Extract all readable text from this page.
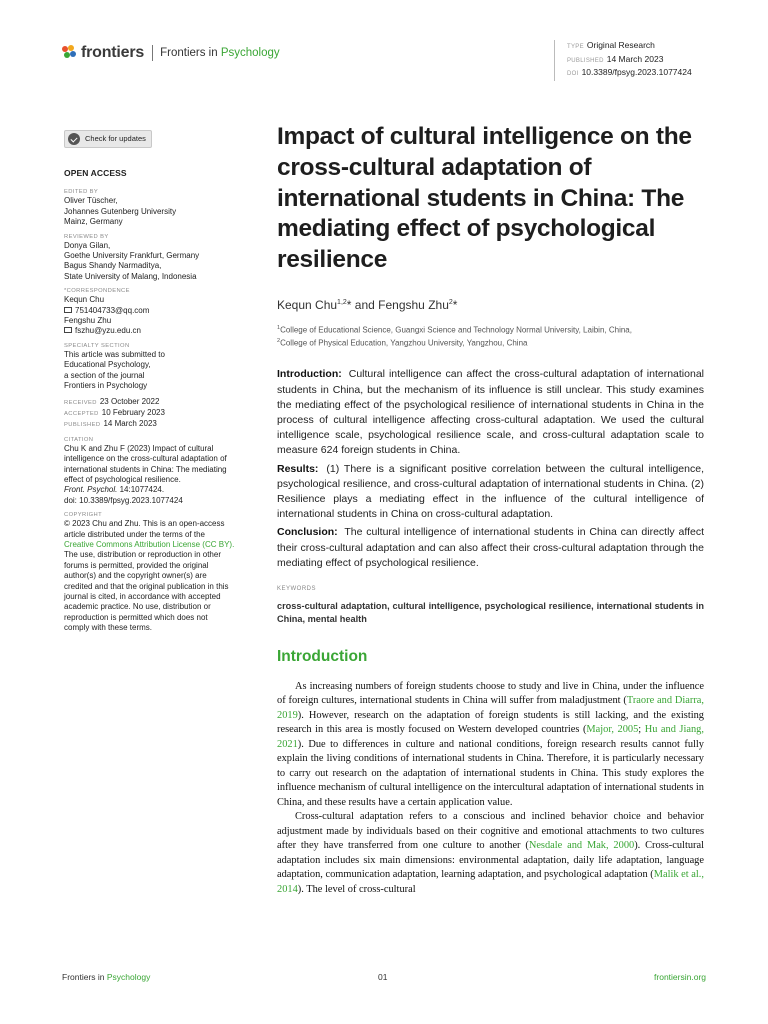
frontiers Frontiers in Psychology	TYPE Original Research
PUBLISHED 14 March 2023
DOI 10.3389/fpsyg.2023.1077424
Check for updates
OPEN ACCESS
EDITED BY
Oliver Tüscher,
Johannes Gutenberg University
Mainz, Germany
REVIEWED BY
Donya Gilan,
Goethe University Frankfurt, Germany
Bagus Shandy Narmaditya,
State University of Malang, Indonesia
*CORRESPONDENCE
Kequn Chu
751404733@qq.com
Fengshu Zhu
fszhu@yzu.edu.cn
SPECIALTY SECTION
This article was submitted to
Educational Psychology,
a section of the journal
Frontiers in Psychology
RECEIVED 23 October 2022
ACCEPTED 10 February 2023
PUBLISHED 14 March 2023
CITATION
Chu K and Zhu F (2023) Impact of cultural
intelligence on the cross-cultural adaptation of
international students in China: The mediating
effect of psychological resilience.
Front. Psychol. 14:1077424.
doi: 10.3389/fpsyg.2023.1077424
COPYRIGHT
© 2023 Chu and Zhu. This is an open-access
article distributed under the terms of the
Creative Commons Attribution License (CC BY).
The use, distribution or reproduction in other
forums is permitted, provided the original
author(s) and the copyright owner(s) are
credited and that the original publication in this
journal is cited, in accordance with accepted
academic practice. No use, distribution or
reproduction is permitted which does not
comply with these terms.
Impact of cultural intelligence on the cross-cultural adaptation of international students in China: The mediating effect of psychological resilience
Kequn Chu$^{1,2}$* and Fengshu Zhu$^2$*
$^1$College of Educational Science, Guangxi Science and Technology Normal University, Laibin, China,
$^2$College of Physical Education, Yangzhou University, Yangzhou, China

Introduction: Cultural intelligence can affect the cross-cultural adaptation of international students in China, but the mechanism of its influence is still unclear. This study examines the mediating effect of the psychological resilience of international students in China in the process of cultural intelligence affecting cross-cultural adaptation. We used the cultural intelligence scale, psychological resilience scale, and cross-cultural adaptation scale to measure 624 foreign students in China.

Results: (1) There is a significant positive correlation between the cultural intelligence, psychological resilience, and cross-cultural adaptation of international students in China. (2) Resilience plays a mediating effect in the influence of the cultural intelligence of international students in China on cross-cultural adaptation.

Conclusion: The cultural intelligence of international students in China can directly affect their cross-cultural adaptation and can also affect their cross-cultural adaptation through the mediating effect of psychological resilience.

KEYWORDS
cross-cultural adaptation, cultural intelligence, psychological resilience, international students in China, mental health
Introduction

As increasing numbers of foreign students choose to study and live in China, under the influence of foreign cultures, international students in China will suffer from maladjustment (Traore and Diarra, 2019). However, research on the adaptation of foreign students is still lacking, and the existing research in this area is mostly focused on Western developed countries (Major, 2005; Hu and Jiang, 2021). Due to differences in culture and national conditions, foreign research results cannot fully explain the living conditions of international students in China. Therefore, it is particularly necessary to carry out research on the adaptation of international students in China. This study explores the influence mechanism of cultural intelligence on the intercultural adaptation of international students in China, and these results have a certain application value.

Cross-cultural adaptation refers to a conscious and inclined behavior choice and behavior adjustment made by individuals based on their cognitive and emotional attachments to two cultures after they have transferred from one culture to another (Nesdale and Mak, 2000). Cross-cultural adaptation includes six main dimensions: environmental adaptation, daily life adaptation, language adaptation, communication adaptation, learning adaptation, and psychological adaptation (Malik et al., 2014). The level of cross-cultural

Frontiers in Psychology	01	frontiersin.org
